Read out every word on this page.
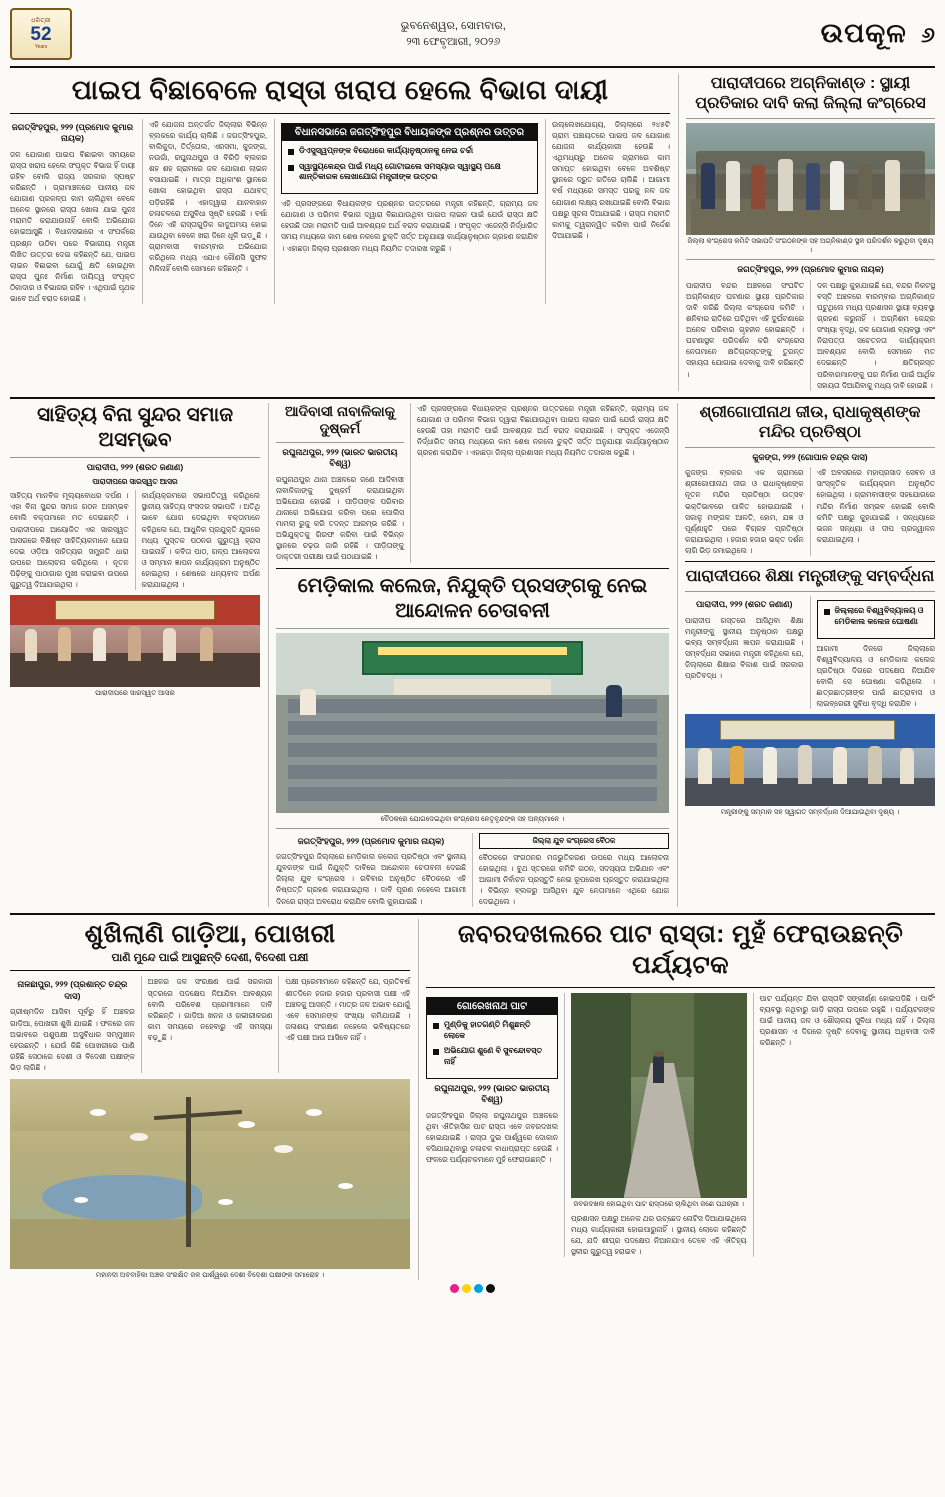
ଧରିତ୍ରୀ
52
Years
ଭୁବନେଶ୍ୱର, ସୋମବାର,
୨୩ ଫେବୃଆରୀ, ୨୦୨୬	ଉପକୂଳ ୬
ପାଇପ ବିଛାବେଳେ ରାସ୍ତା ଖରାପ ହେଲେ ବିଭାଗ ଦାୟୀ
ଜଗତ୍‌ସିଂହପୁର, ୨୨୨ (ପ୍ରମୋଦ କୁମାର ନାୟକ)
ଜଳ ଯୋଗାଣ ପାଇପ ବିଛାଇବା ସମୟରେ ରାସ୍ତା ଖରାପ ହେଲେ ସଂପୃକ୍ତ ବିଭାଗ ହିଁ ଦାୟୀ ରହିବ ବୋଲି ରାଜ୍ୟ ସରକାର ସ୍ପଷ୍ଟ କରିଛନ୍ତି । ଗ୍ରାମାଞ୍ଚଳରେ ପାନୀୟ ଜଳ ଯୋଗାଣ ପ୍ରକଳ୍ପ କାମ ଚାଲିଥିବା ବେଳେ ଅନେକ ସ୍ଥାନରେ ରାସ୍ତା ଖୋଳା ଯାଇ ପୁନଃ ମରାମତି କରାଯାଉନାହିଁ ବୋଲି ଅଭିଯୋଗ ହୋଇଆସୁଛି । ବିଧାନସଭାରେ ଏ ସଂପର୍କରେ ପ୍ରଶ୍ନ ଉଠିବା ପରେ ବିଭାଗୀୟ ମନ୍ତ୍ରୀ ଲିଖିତ ଉତ୍ତର ଦେଇ କହିଛନ୍ତି ଯେ, ପାଇପ ଲାଇନ ବିଛାଇବା ଯୋଗୁଁ କ୍ଷତି ହୋଇଥିବା ରାସ୍ତା ପୁନଃ ନିର୍ମାଣ ଦାୟିତ୍ୱ ସଂପୃକ୍ତ ଠିକାଦାର ଓ ବିଭାଗର ରହିବ । ଏଥିପାଇଁ ପୃଥକ ଭାବେ ଅର୍ଥ ବରାଦ ହୋଇଛି ।
ଏହି ଯୋଜନା ଅନ୍ତର୍ଗତ ଜିଲ୍ଲାର ବିଭିନ୍ନ ବ୍ଲକରେ କାର୍ଯ୍ୟ ଚାଲିଛି । ଜଗତ୍‌ସିଂହପୁର, ବାଲିକୁଦା, ତିର୍ତ୍ତୋଲ, ଏରସମା, କୁଜଙ୍ଗ, ନଉଗାଁ, ରଘୁନାଥପୁର ଓ ବିରିଡ଼ି ବ୍ଲକର ଶହ ଶହ ଗ୍ରାମରେ ଜଳ ଯୋଗାଣ ଲାଇନ ବସାଯାଇଛି । ମାତ୍ର ଅଧିକାଂଶ ସ୍ଥାନରେ ଖୋଳା ହୋଇଥିବା ରାସ୍ତା ଯଥାବତ୍ ପଡ଼ିରହିଛି । ଏହାଦ୍ୱାରା ଯାନବାହାନ ଚଳାଚଳରେ ଅସୁବିଧା ସୃଷ୍ଟି ହେଉଛି । ବର୍ଷା ଦିନେ ଏହି ରାସ୍ତାଗୁଡ଼ିକ କାଦୁଅମୟ ହୋଇ ଯାଉଥିବା ବେଳେ ଖରା ଦିନେ ଧୂଳି ଉଡ଼ୁଛି । ଗ୍ରାମବାସୀ ବାରମ୍ବାର ଅଭିଯୋଗ କରିଥିଲେ ମଧ୍ୟ ଏଯାଏ କୌଣସି ସୁଫଳ ମିଳିନାହିଁ ବୋଲି ସେମାନେ କହିଛନ୍ତି ।
ବିଧାନସଭାରେ ଜଗତ୍‌ସିଂହପୁର ବିଧାୟକଙ୍କ ପ୍ରଶ୍ନର ଉତ୍ତର
ଡିଏସୁସ୍ୱପ୍ନଙ୍କ ବିରୋଧରେ କାର୍ଯ୍ୟାନୁଷ୍ଠାନକୁ ନେଇ ଚର୍ଚ୍ଚା
ସ୍ୱାସ୍ଥ୍ୟକେନ୍ଦ୍ର ପାଇଁ ମଧ୍ୟ ଗୋଟାଇଲେ ସମସ୍ୟାର ସ୍ୱାସ୍ଥ୍ୟ ପକ୍ଷେ ଶାନ୍ତିକାରକ ଲେଖାଯୋଗ ମନ୍ତ୍ରୀଙ୍କ ଉତ୍ତର
ଏହି ପ୍ରସଙ୍ଗରେ ବିଧାୟକଙ୍କ ପ୍ରଶ୍ନର ଉତ୍ତରରେ ମନ୍ତ୍ରୀ କହିଛନ୍ତି, ଗ୍ରାମ୍ୟ ଜଳ ଯୋଗାଣ ଓ ପରିମଳ ବିଭାଗ ଦ୍ୱାରା ବିଛାଯାଉଥିବା ପାଇପ ଲାଇନ ପାଇଁ ଯେଉଁ ରାସ୍ତା କ୍ଷତି ହେଉଛି ତାହା ମରାମତି ପାଇଁ ଆବଶ୍ୟକ ଅର୍ଥ ବରାଦ କରାଯାଇଛି । ସଂପୃକ୍ତ ଏଜେନ୍ସି ନିର୍ଦ୍ଧାରିତ ସମୟ ମଧ୍ୟରେ କାମ ଶେଷ ନକଲେ ଚୁକ୍ତି ସର୍ତ୍ତ ଅନୁଯାୟୀ କାର୍ଯ୍ୟାନୁଷ୍ଠାନ ଗ୍ରହଣ କରାଯିବ । ଏହାଛଡ଼ା ଜିଲ୍ଲା ପ୍ରଶାସନ ମଧ୍ୟ ନିୟମିତ ତଦାରଖ କରୁଛି ।
ଉଲ୍ଲେଖଯୋଗ୍ୟ, ଜିଲ୍ଲାରେ ୨୪୫ଟି ଗ୍ରାମ ପଞ୍ଚାୟତରେ ପାଇପ ଜଳ ଯୋଗାଣ ଯୋଜନା କାର୍ଯ୍ୟକାରୀ ହେଉଛି । ଏଥିମଧ୍ୟରୁ ଅନେକ ଗ୍ରାମରେ କାମ ସମାପ୍ତ ହୋଇଥିବା ବେଳେ ଅବଶିଷ୍ଟ ସ୍ଥାନରେ ଦ୍ରୁତ ଗତିରେ ଚାଲିଛି । ଆଗାମୀ ବର୍ଷ ମଧ୍ୟରେ ସମସ୍ତ ଘରକୁ ନଳ ଜଳ ଯୋଗାଣ ଲକ୍ଷ୍ୟ ରଖାଯାଇଛି ବୋଲି ବିଭାଗ ପକ୍ଷରୁ ସୂଚନା ଦିଆଯାଇଛି । ରାସ୍ତା ମରାମତି କାମକୁ ତ୍ୱରାନ୍ୱିତ କରିବା ପାଇଁ ନିର୍ଦ୍ଦେଶ ଦିଆଯାଇଛି ।
ପାରାଦୀପରେ ଅଗ୍ନିକାଣ୍ଡ : ସ୍ଥାୟୀ ପ୍ରତିକାର ଦାବି କଲା ଜିଲ୍ଲା କଂଗ୍ରେସ
ଜିଲ୍ଲା କଂଗ୍ରେସ କମିଟି ସଭାପତି ସଂଗଠନଙ୍କ ସହ ଅଗ୍ନିକାଣ୍ଡ ସ୍ଥଳ ପରିଦର୍ଶନ କରୁଥିବା ଦୃଶ୍ୟ ।
ଜଗତ୍‌ସିଂହପୁର, ୨୨୨ (ପ୍ରମୋଦ କୁମାର ନାୟକ)
ପାରାଦୀପ ବନ୍ଦର ଅଞ୍ଚଳରେ ସଂଘଟିତ ଅଗ୍ନିକାଣ୍ଡ ଘଟଣାର ସ୍ଥାୟୀ ପ୍ରତିକାର ଦାବି କରିଛି ଜିଲ୍ଲା କଂଗ୍ରେସ କମିଟି । ଶନିବାର ରାତିରେ ଘଟିଥିବା ଏହି ଦୁର୍ଘଟଣାରେ ଅନେକ ପରିବାର ଗୃହହୀନ ହୋଇଛନ୍ତି । ଘଟଣାସ୍ଥଳ ପରିଦର୍ଶନ କରି କଂଗ୍ରେସ ନେତାମାନେ କ୍ଷତିଗ୍ରସ୍ତଙ୍କୁ ତୁରନ୍ତ ସହାୟତା ଯୋଗାଇ ଦେବାକୁ ଦାବି କରିଛନ୍ତି ।
ଦଳ ପକ୍ଷରୁ କୁହାଯାଇଛି ଯେ, ବନ୍ଦର ନିକଟସ୍ଥ ବସ୍ତି ଅଞ୍ଚଳରେ ବାରମ୍ବାର ଅଗ୍ନିକାଣ୍ଡ ଘଟୁଥିଲେ ମଧ୍ୟ ପ୍ରଶାସନ ସ୍ଥାୟୀ ବ୍ୟବସ୍ଥା ଗ୍ରହଣ କରୁନାହିଁ । ଅଗ୍ନିଶମ କେନ୍ଦ୍ର ସଂଖ୍ୟା ବୃଦ୍ଧି, ଜଳ ଯୋଗାଣ ବ୍ୟବସ୍ଥା ଏବଂ ନିରାପତ୍ତା ସଚେତନତା କାର୍ଯ୍ୟକ୍ରମ ଆବଶ୍ୟକ ବୋଲି ସେମାନେ ମତ ଦେଇଛନ୍ତି । କ୍ଷତିଗ୍ରସ୍ତ ପରିବାରମାନଙ୍କୁ ଘର ନିର୍ମାଣ ପାଇଁ ଆର୍ଥିକ ସହାୟତା ଦିଆଯିବାକୁ ମଧ୍ୟ ଦାବି ହୋଇଛି ।
ସାହିତ୍ୟ ବିନା ସୁନ୍ଦର ସମାଜ ଅସମ୍ଭବ
ପାରାଦୀପ, ୨୨୨ (ଶରତ ଜଣାଣ)
ପାରାଦୀପରେ ସାରସ୍ୱତ ଆସର
ସାହିତ୍ୟ ମାନବିକ ମୂଲ୍ୟବୋଧର ଦର୍ପଣ । ଏହା ବିନା ସୁନ୍ଦର ସମାଜ ଗଠନ ଅସମ୍ଭବ ବୋଲି ବକ୍ତାମାନେ ମତ ଦେଇଛନ୍ତି । ପାରାଦୀପରେ ଆୟୋଜିତ ଏକ ସାରସ୍ୱତ ଆସରରେ ବିଶିଷ୍ଟ ସାହିତ୍ୟିକମାନେ ଯୋଗ ଦେଇ ଓଡ଼ିଆ ସାହିତ୍ୟର ସମ୍ପ୍ରତି ଧାରା ଉପରେ ଆଲୋଚନା କରିଥିଲେ । ନୂତନ ପିଢ଼ିଙ୍କୁ ପାଠାଗାର ମୁଖୀ କରାଇବା ଉପରେ ଗୁରୁତ୍ୱ ଦିଆଯାଇଥିଲା ।
କାର୍ଯ୍ୟକ୍ରମରେ ସଭାପତିତ୍ୱ କରିଥିଲେ ସ୍ଥାନୀୟ ସାହିତ୍ୟ ସଂସଦର ସଭାପତି । ଅତିଥି ଭାବେ ଯୋଗ ଦେଇଥିବା ବକ୍ତାମାନେ କହିଥିଲେ ଯେ, ଆଧୁନିକ ପ୍ରଯୁକ୍ତି ଯୁଗରେ ମଧ୍ୟ ପୁସ୍ତକ ପଠନର ଗୁରୁତ୍ୱ ହ୍ରାସ ପାଇନାହିଁ । କବିତା ପାଠ, ଗଳ୍ପ ଆଲୋଚନା ଓ ସମ୍ମାନ ଜ୍ଞାପନ କାର୍ଯ୍ୟକ୍ରମ ଅନୁଷ୍ଠିତ ହୋଇଥିଲା । ଶେଷରେ ଧନ୍ୟବାଦ ଅର୍ପଣ କରାଯାଇଥିଲା ।
ପାରାଦୀପରେ ସାରସ୍ୱତ ଆସର
ଆଦିବାସୀ ନାବାଳିକାକୁ ଦୁଷ୍କର୍ମ
ରଘୁନାଥପୁର, ୨୨୨ (ଭାରତ ଭାରତୀୟ ବିଶ୍ୱ)
ରଘୁନାଥପୁର ଥାନା ଅଞ୍ଚଳରେ ଜଣେ ଆଦିବାସୀ ନାବାଳିକାଙ୍କୁ ଦୁଷ୍କର୍ମ କରାଯାଇଥିବା ଅଭିଯୋଗ ହୋଇଛି । ପୀଡ଼ିତାଙ୍କ ପରିବାର ଥାନାରେ ଅଭିଯୋଗ କରିବା ପରେ ପୋଲିସ ମାମଲା ରୁଜୁ କରି ତଦନ୍ତ ଆରମ୍ଭ କରିଛି । ଅଭିଯୁକ୍ତକୁ ଗିରଫ କରିବା ପାଇଁ ବିଭିନ୍ନ ସ୍ଥାନରେ ଚଢ଼ଉ ଜାରି ରହିଛି । ପୀଡ଼ିତାଙ୍କୁ ଡାକ୍ତରୀ ପରୀକ୍ଷା ପାଇଁ ପଠାଯାଇଛି ।
ଏହି ପ୍ରସଙ୍ଗରେ ବିଧାୟକଙ୍କ ପ୍ରଶ୍ନର ଉତ୍ତରରେ ମନ୍ତ୍ରୀ କହିଛନ୍ତି, ଗ୍ରାମ୍ୟ ଜଳ ଯୋଗାଣ ଓ ପରିମଳ ବିଭାଗ ଦ୍ୱାରା ବିଛାଯାଉଥିବା ପାଇପ ଲାଇନ ପାଇଁ ଯେଉଁ ରାସ୍ତା କ୍ଷତି ହେଉଛି ତାହା ମରାମତି ପାଇଁ ଆବଶ୍ୟକ ଅର୍ଥ ବରାଦ କରାଯାଇଛି । ସଂପୃକ୍ତ ଏଜେନ୍ସି ନିର୍ଦ୍ଧାରିତ ସମୟ ମଧ୍ୟରେ କାମ ଶେଷ ନକଲେ ଚୁକ୍ତି ସର୍ତ୍ତ ଅନୁଯାୟୀ କାର୍ଯ୍ୟାନୁଷ୍ଠାନ ଗ୍ରହଣ କରାଯିବ । ଏହାଛଡ଼ା ଜିଲ୍ଲା ପ୍ରଶାସନ ମଧ୍ୟ ନିୟମିତ ତଦାରଖ କରୁଛି ।
ମେଡ଼ିକାଲ କଲେଜ, ନିଯୁକ୍ତି ପ୍ରସଙ୍ଗକୁ ନେଇ ଆନ୍ଦୋଳନ ଚେତାବନୀ
ବୈଠକରେ ଯୋଗଦେଇଥିବା କଂଗ୍ରେସ ନେତୃବୃନ୍ଦଙ୍କ ସହ ଅନ୍ୟମାନେ ।
ଜଗତ୍‌ସିଂହପୁର, ୨୨୨ (ପ୍ରମୋଦ କୁମାର ନାୟକ)
ଜଗତ୍‌ସିଂହପୁର ଜିଲ୍ଲାରେ ମେଡ଼ିକାଲ କଲେଜ ପ୍ରତିଷ୍ଠା ଏବଂ ସ୍ଥାନୀୟ ଯୁବକଙ୍କ ପାଇଁ ନିଯୁକ୍ତି ଦାବିରେ ଆନ୍ଦୋଳନ ଚେତାବନୀ ଦେଇଛି ଜିଲ୍ଲା ଯୁବ କଂଗ୍ରେସ । ରବିବାର ଅନୁଷ୍ଠିତ ବୈଠକରେ ଏହି ନିଷ୍ପତ୍ତି ଗ୍ରହଣ କରାଯାଇଥିଲା । ଦାବି ପୂରଣ ନହେଲେ ଆଗାମୀ ଦିନରେ ରାସ୍ତା ଅବରୋଧ କରାଯିବ ବୋଲି କୁହାଯାଇଛି ।
ଜିଲ୍ଲା ଯୁବ କଂଗ୍ରେସ ବୈଠକ
ବୈଠକରେ ସଂଗଠନର ମଜଭୁତିକରଣ ଉପରେ ମଧ୍ୟ ଆଲୋଚନା ହୋଇଥିଲା । ବୁଥ ସ୍ତରରେ କମିଟି ଗଠନ, ସଦସ୍ୟତା ଅଭିଯାନ ଏବଂ ଆଗାମୀ ନିର୍ବାଚନ ପ୍ରସ୍ତୁତି ନେଇ ରୂପରେଖ ପ୍ରସ୍ତୁତ କରାଯାଇଥିଲା । ବିଭିନ୍ନ ବ୍ଲକରୁ ଆସିଥିବା ଯୁବ ନେତାମାନେ ଏଥିରେ ଯୋଗ ଦେଇଥିଲେ ।
ଶ୍ରୀଗୋପୀନାଥ ଜୀଉ, ରାଧାକୃଷ୍ଣଙ୍କ ମନ୍ଦିର ପ୍ରତିଷ୍ଠା
କୁଜଙ୍ଗ, ୨୨୨ (ଗୋପାଳ ଚନ୍ଦ୍ର ଦାସ)
କୁଜଙ୍ଗ ବ୍ଲକର ଏକ ଗ୍ରାମରେ ଶ୍ରୀଗୋପୀନାଥ ଜୀଉ ଓ ରାଧାକୃଷ୍ଣଙ୍କ ନୂତନ ମନ୍ଦିର ପ୍ରତିଷ୍ଠା ଉତ୍ସବ ଭକ୍ତିଭାବରେ ପାଳିତ ହୋଇଯାଇଛି । ସକାଳୁ ମଙ୍ଗଳ ଆଳତି, ହୋମ, ଯଜ୍ଞ ଓ ପୂର୍ଣ୍ଣାହୁତି ପରେ ବିଗ୍ରହ ପ୍ରତିଷ୍ଠା କରାଯାଇଥିଲା । ହଜାର ହଜାର ଭକ୍ତ ଦର୍ଶନ ଲାଗି ଭିଡ଼ ଜମାଇଥିଲେ ।
ଏହି ଅବସରରେ ମହାପ୍ରସାଦ ସେବନ ଓ ସାଂସ୍କୃତିକ କାର୍ଯ୍ୟକ୍ରମ ଅନୁଷ୍ଠିତ ହୋଇଥିଲା । ଗ୍ରାମବାସୀଙ୍କ ସହଯୋଗରେ ମନ୍ଦିର ନିର୍ମାଣ ସମ୍ଭବ ହୋଇଛି ବୋଲି କମିଟି ପକ୍ଷରୁ କୁହାଯାଇଛି । ସନ୍ଧ୍ୟାରେ ଭଜନ ସନ୍ଧ୍ୟା ଓ ଦୀପ ପ୍ରଜ୍ୱାଳନ କରାଯାଇଥିଲା ।
ପାରାଦୀପରେ ଶିକ୍ଷା ମନ୍ତ୍ରୀଙ୍କୁ ସମ୍ବର୍ଦ୍ଧନା
ପାରାଦୀପ, ୨୨୨ (ଶରତ ଜଣାଣ)
ପାରାଦୀପ ଗସ୍ତରେ ଆସିଥିବା ଶିକ୍ଷା ମନ୍ତ୍ରୀଙ୍କୁ ସ୍ଥାନୀୟ ଅନୁଷ୍ଠାନ ପକ୍ଷରୁ ଭବ୍ୟ ସମ୍ବର୍ଦ୍ଧନା ଜ୍ଞାପନ କରାଯାଇଛି । ସମ୍ବର୍ଦ୍ଧନା ସଭାରେ ମନ୍ତ୍ରୀ କହିଥିଲେ ଯେ, ଜିଲ୍ଲାରେ ଶିକ୍ଷାର ବିକାଶ ପାଇଁ ସରକାର ପ୍ରତିବଦ୍ଧ ।
ଜିଲ୍ଲାରେ ବିଶ୍ୱବିଦ୍ୟାଳୟ ଓ ମେଡିକାଲ କଲେଜ ଘୋଷଣା
ଆଗାମୀ ଦିନରେ ଜିଲ୍ଲାରେ ବିଶ୍ୱବିଦ୍ୟାଳୟ ଓ ମେଡିକାଲ କଲେଜ ପ୍ରତିଷ୍ଠା ଦିଗରେ ପଦକ୍ଷେପ ନିଆଯିବ ବୋଲି ସେ ଘୋଷଣା କରିଥିଲେ । ଛାତ୍ରଛାତ୍ରୀଙ୍କ ପାଇଁ ଛାତ୍ରାବାସ ଓ ଲାଇବ୍ରେରୀ ସୁବିଧା ବୃଦ୍ଧି କରାଯିବ ।
ମନ୍ତ୍ରୀଙ୍କୁ ସମ୍ମାନ ସହ ସ୍ୱାଗତ ସମ୍ବର୍ଦ୍ଧନା ଦିଆଯାଉଥିବା ଦୃଶ୍ୟ ।
ଶୁଖିଲାଣି ଗାଡ଼ିଆ, ପୋଖରୀ
ପାଣି ମୁନ୍ଦେ ପାଇଁ ଆସୁଛନ୍ତି ଦେଶୀ, ବିଦେଶୀ ପକ୍ଷୀ
ନାଳଛାପୁର, ୨୨୨ (ପ୍ରଶାନ୍ତ ଚନ୍ଦ୍ର ଦାସ)
ଗ୍ରୀଷ୍ମଦିନ ଆସିବା ପୂର୍ବରୁ ହିଁ ଅଞ୍ଚଳର ଗାଡ଼ିଆ, ପୋଖରୀ ଶୁଖି ଯାଇଛି । ଫଳରେ ଜଳ ଅଭାବରେ ପଶୁପକ୍ଷୀ ଅସୁବିଧାର ସମ୍ମୁଖୀନ ହେଉଛନ୍ତି । ଯେଉଁ କିଛି ପୋଖରୀରେ ପାଣି ରହିଛି ସେଠାରେ ଦେଶୀ ଓ ବିଦେଶୀ ପକ୍ଷୀଙ୍କ ଭିଡ଼ ଲାଗିଛି ।
ଅଞ୍ଚଳର ଜଳ ସଂରକ୍ଷଣ ପାଇଁ ସରକାରୀ ସ୍ତରରେ ପଦକ୍ଷେପ ନିଆଯିବା ଆବଶ୍ୟକ ବୋଲି ପରିବେଶ ପ୍ରେମୀମାନେ ଦାବି କରିଛନ୍ତି । ଗାଡ଼ିଆ ଖନନ ଓ ଗଭୀରୀକରଣ କାମ ସମୟରେ ନହେବାରୁ ଏହି ସମସ୍ୟା ବଢ଼ୁଛି ।
ପକ୍ଷୀ ପ୍ରେମୀମାନେ କହିଛନ୍ତି ଯେ, ପ୍ରତିବର୍ଷ ଶୀତଦିନେ ହଜାର ହଜାର ପ୍ରବାସୀ ପକ୍ଷୀ ଏହି ଅଞ୍ଚଳକୁ ଆସନ୍ତି । ମାତ୍ର ଜଳ ଅଭାବ ଯୋଗୁଁ ଏବେ ସେମାନଙ୍କ ସଂଖ୍ୟା କମିଯାଉଛି । ଜଳାଶୟ ସଂରକ୍ଷଣ ନହେଲେ ଭବିଷ୍ୟତରେ ଏହି ପକ୍ଷୀ ଆଉ ଆସିବେ ନାହିଁ ।
ମହାନଦୀ ଅବବାହିକା ଅଞ୍ଚଳ ସଂରକ୍ଷିତ ଜଳ ପାର୍ଶ୍ୱରେ ଦେଶୀ ବିଦେଶୀ ପକ୍ଷୀଙ୍କ ସମାରୋହ ।
ଜବରଦଖଲରେ ପାଟ ରାସ୍ତା: ମୁହଁ ଫେରାଉଛନ୍ତି ପର୍ଯ୍ୟଟକ
ଗୋରେଖନାଥ ପାଟ
ମୁଣ୍ଡିକୁ ହାତଗଣ୍ତି ମିଶୁଛନ୍ତି ଲୋକେ
ଅଭିଯୋଗ ଶୁଣେ ବି ସୁବନ୍ଦୋବସ୍ତ ନାହିଁ
ରଘୁନାଥପୁର, ୨୨୨ (ଭାରତ ଭାରତୀୟ ବିଶ୍ୱ)
ଜଗତ୍‌ସିଂହପୁର ଜିଲ୍ଲା ରଘୁନାଥପୁର ଅଞ୍ଚଳରେ ଥିବା ଐତିହାସିକ ପାଟ ରାସ୍ତା ଏବେ ଜବରଦଖଲ ହୋଇଯାଇଛି । ରାସ୍ତା ଦୁଇ ପାର୍ଶ୍ୱରେ ଦୋକାନ ବସିଯାଇଥିବାରୁ ଚଳାଚଳ ବାଧାପ୍ରାପ୍ତ ହେଉଛି । ଫଳରେ ପର୍ଯ୍ୟଟକମାନେ ମୁହଁ ଫେରାଉଛନ୍ତି ।
ଜବରଦଖଲ ହୋଇଥିବା ପାଟ ରାସ୍ତାରେ ଚାଲିଥିବା ଜଣେ ପଥଚାରୀ ।
ପ୍ରଶାସନ ପକ୍ଷରୁ ଅନେକ ଥର ଉଚ୍ଛେଦ ନୋଟିସ ଦିଆଯାଇଥିଲେ ମଧ୍ୟ କାର୍ଯ୍ୟକାରୀ ହୋଇପାରୁନାହିଁ । ସ୍ଥାନୀୟ ଲୋକେ କହିଛନ୍ତି ଯେ, ଯଦି ଶୀଘ୍ର ପଦକ୍ଷେପ ନିଆନଯାଏ ତେବେ ଏହି ଐତିହ୍ୟ ସ୍ଥଳୀର ଗୁରୁତ୍ୱ ହରାଇବ ।
ପାଟ ପର୍ଯ୍ୟନ୍ତ ଯିବା ରାସ୍ତାଟି ସଙ୍କୀର୍ଣ୍ଣ ହୋଇପଡ଼ିଛି । ପାର୍କିଂ ବ୍ୟବସ୍ଥା ନଥିବାରୁ ଗାଡ଼ି ରାସ୍ତା ଉପରେ ରହୁଛି । ପର୍ଯ୍ୟଟକଙ୍କ ପାଇଁ ପାନୀୟ ଜଳ ଓ ଶୌଚାଳୟ ସୁବିଧା ମଧ୍ୟ ନାହିଁ । ଜିଲ୍ଲା ପ୍ରଶାସନ ଏ ଦିଗରେ ଦୃଷ୍ଟି ଦେବାକୁ ସ୍ଥାନୀୟ ଅଧିବାସୀ ଦାବି କରିଛନ୍ତି ।
